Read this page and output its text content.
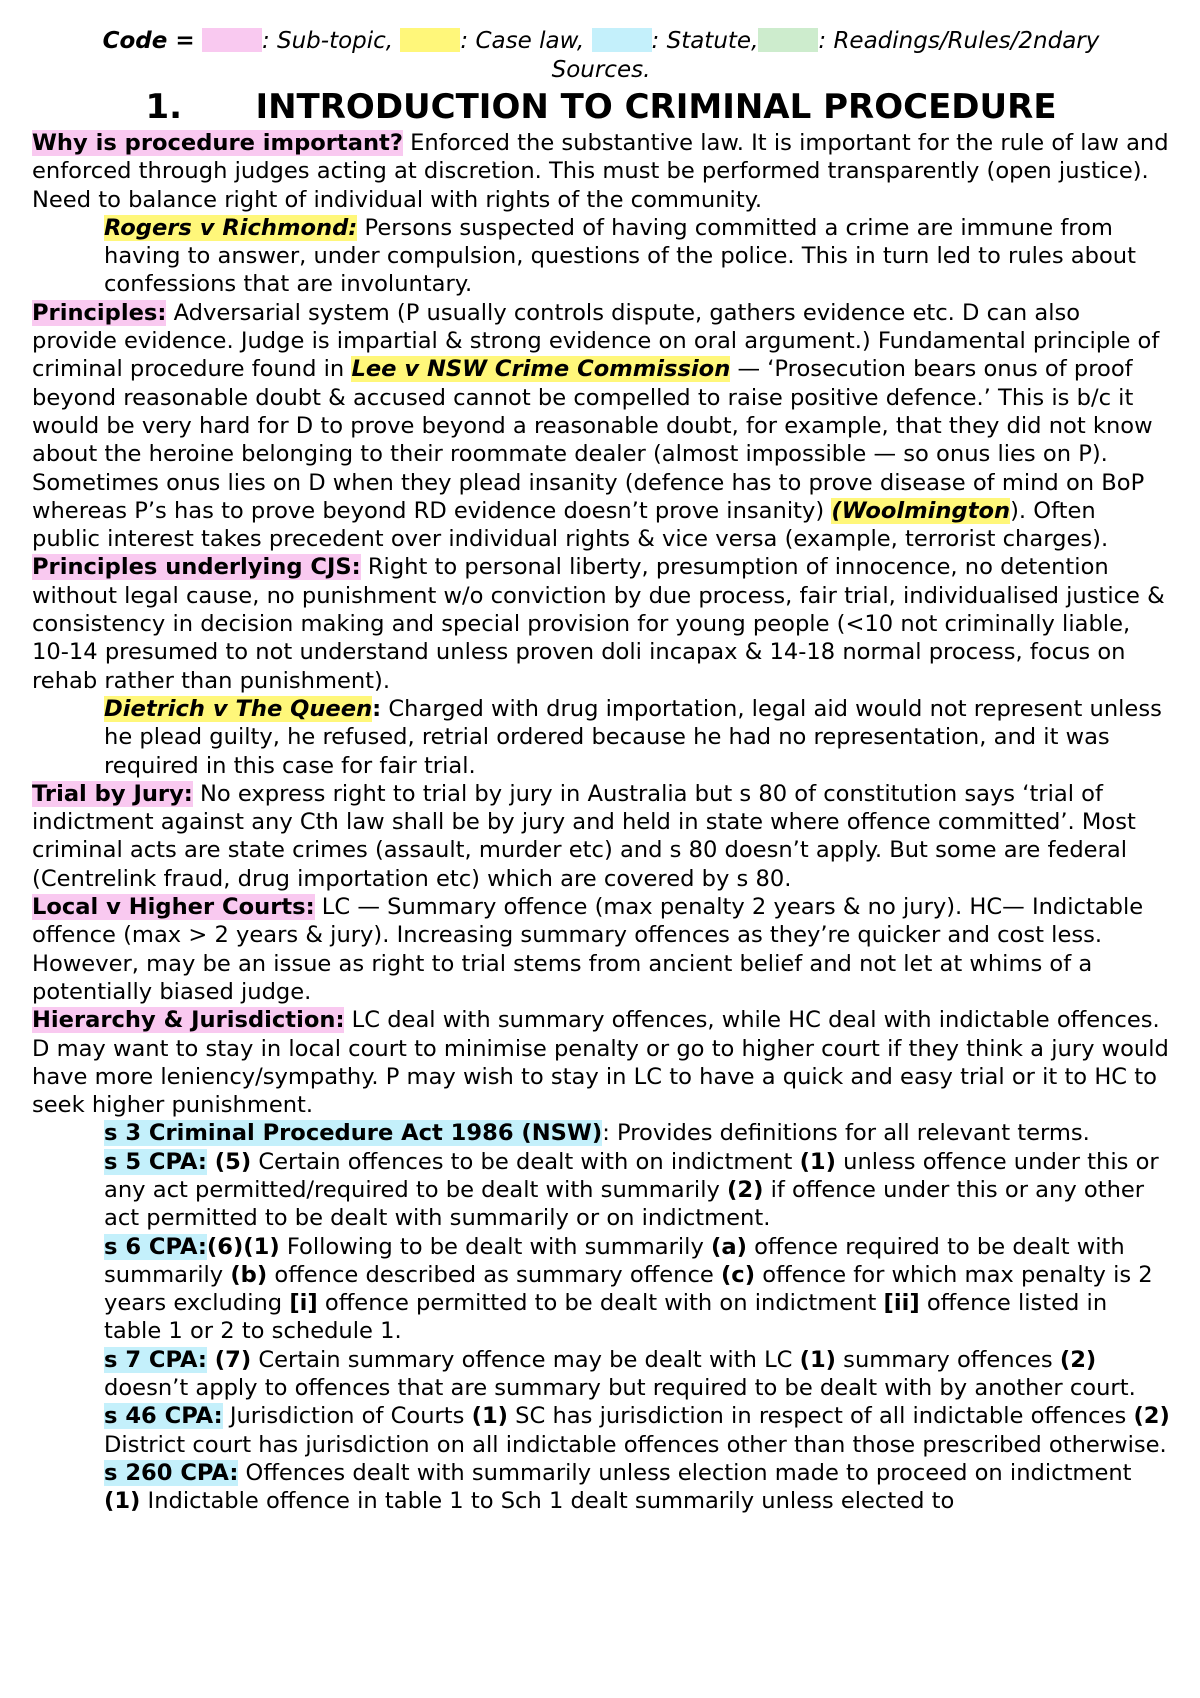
Code =	: Sub-topic,	: Case law,	: Statute,	: Readings/Rules/2ndary Sources.
1. INTRODUCTION TO CRIMINAL PROCEDURE

Why is procedure important? Enforced the substantive law. It is important for the rule of law and enforced through judges acting at discretion. This must be performed transparently (open justice). Need to balance right of individual with rights of the community.

Rogers v Richmond: Persons suspected of having committed a crime are immune from having to answer, under compulsion, questions of the police. This in turn led to rules about confessions that are involuntary.

Principles: Adversarial system (P usually controls dispute, gathers evidence etc. D can also provide evidence. Judge is impartial & strong evidence on oral argument.) Fundamental principle of criminal procedure found in Lee v NSW Crime Commission — ‘Prosecution bears onus of proof beyond reasonable doubt & accused cannot be compelled to raise positive defence.’ This is b/c it would be very hard for D to prove beyond a reasonable doubt, for example, that they did not know about the heroine belonging to their roommate dealer (almost impossible — so onus lies on P). Sometimes onus lies on D when they plead insanity (defence has to prove disease of mind on BoP whereas P’s has to prove beyond RD evidence doesn’t prove insanity) (Woolmington). Often public interest takes precedent over individual rights & vice versa (example, terrorist charges).

Principles underlying CJS: Right to personal liberty, presumption of innocence, no detention without legal cause, no punishment w/o conviction by due process, fair trial, individualised justice & consistency in decision making and special provision for young people (<10 not criminally liable, 10-14 presumed to not understand unless proven doli incapax & 14-18 normal process, focus on rehab rather than punishment).

Dietrich v The Queen: Charged with drug importation, legal aid would not represent unless he plead guilty, he refused, retrial ordered because he had no representation, and it was required in this case for fair trial.

Trial by Jury: No express right to trial by jury in Australia but s 80 of constitution says ‘trial of indictment against any Cth law shall be by jury and held in state where offence committed’. Most criminal acts are state crimes (assault, murder etc) and s 80 doesn’t apply. But some are federal (Centrelink fraud, drug importation etc) which are covered by s 80.

Local v Higher Courts: LC — Summary offence (max penalty 2 years & no jury). HC— Indictable offence (max > 2 years & jury). Increasing summary offences as they’re quicker and cost less. However, may be an issue as right to trial stems from ancient belief and not let at whims of a potentially biased judge.

Hierarchy & Jurisdiction: LC deal with summary offences, while HC deal with indictable offences. D may want to stay in local court to minimise penalty or go to higher court if they think a jury would have more leniency/sympathy. P may wish to stay in LC to have a quick and easy trial or it to HC to seek higher punishment.

s 3 Criminal Procedure Act 1986 (NSW): Provides definitions for all relevant terms.

s 5 CPA: (5) Certain offences to be dealt with on indictment (1) unless offence under this or any act permitted/required to be dealt with summarily (2) if offence under this or any other act permitted to be dealt with summarily or on indictment.

s 6 CPA:(6)(1) Following to be dealt with summarily (a) offence required to be dealt with summarily (b) offence described as summary offence (c) offence for which max penalty is 2 years excluding [i] offence permitted to be dealt with on indictment [ii] offence listed in table 1 or 2 to schedule 1.

s 7 CPA: (7) Certain summary offence may be dealt with LC (1) summary offences (2) doesn’t apply to offences that are summary but required to be dealt with by another court.

s 46 CPA: Jurisdiction of Courts (1) SC has jurisdiction in respect of all indictable offences (2) District court has jurisdiction on all indictable offences other than those prescribed otherwise.

s 260 CPA: Offences dealt with summarily unless election made to proceed on indictment (1) Indictable offence in table 1 to Sch 1 dealt summarily unless elected to
